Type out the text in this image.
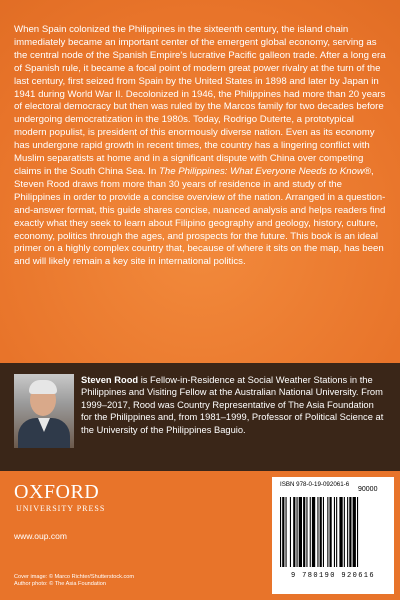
When Spain colonized the Philippines in the sixteenth century, the island chain immediately became an important center of the emergent global economy, serving as the central node of the Spanish Empire's lucrative Pacific galleon trade. After a long era of Spanish rule, it became a focal point of modern great power rivalry at the turn of the last century, first seized from Spain by the United States in 1898 and later by Japan in 1941 during World War II. Decolonized in 1946, the Philippines had more than 20 years of electoral democracy but then was ruled by the Marcos family for two decades before undergoing democratization in the 1980s. Today, Rodrigo Duterte, a prototypical modern populist, is president of this enormously diverse nation. Even as its economy has undergone rapid growth in recent times, the country has a lingering conflict with Muslim separatists at home and in a significant dispute with China over competing claims in the South China Sea. In The Philippines: What Everyone Needs to Know®, Steven Rood draws from more than 30 years of residence in and study of the Philippines in order to provide a concise overview of the nation. Arranged in a question-and-answer format, this guide shares concise, nuanced analysis and helps readers find exactly what they seek to learn about Filipino geography and geology, history, culture, economy, politics through the ages, and prospects for the future. This book is an ideal primer on a highly complex country that, because of where it sits on the map, has been and will likely remain a key site in international politics.
Steven Rood is Fellow-in-Residence at Social Weather Stations in the Philippines and Visiting Fellow at the Australian National University. From 1999–2017, Rood was Country Representative of The Asia Foundation for the Philippines and, from 1981–1999, Professor of Political Science at the University of the Philippines Baguio.
OXFORD
UNIVERSITY PRESS
www.oup.com
Cover image: © Marco Richter/Shutterstock.com
Author photo: © The Asia Foundation
ISBN 978-0-19-092061-6
90000
9 780190 920616
